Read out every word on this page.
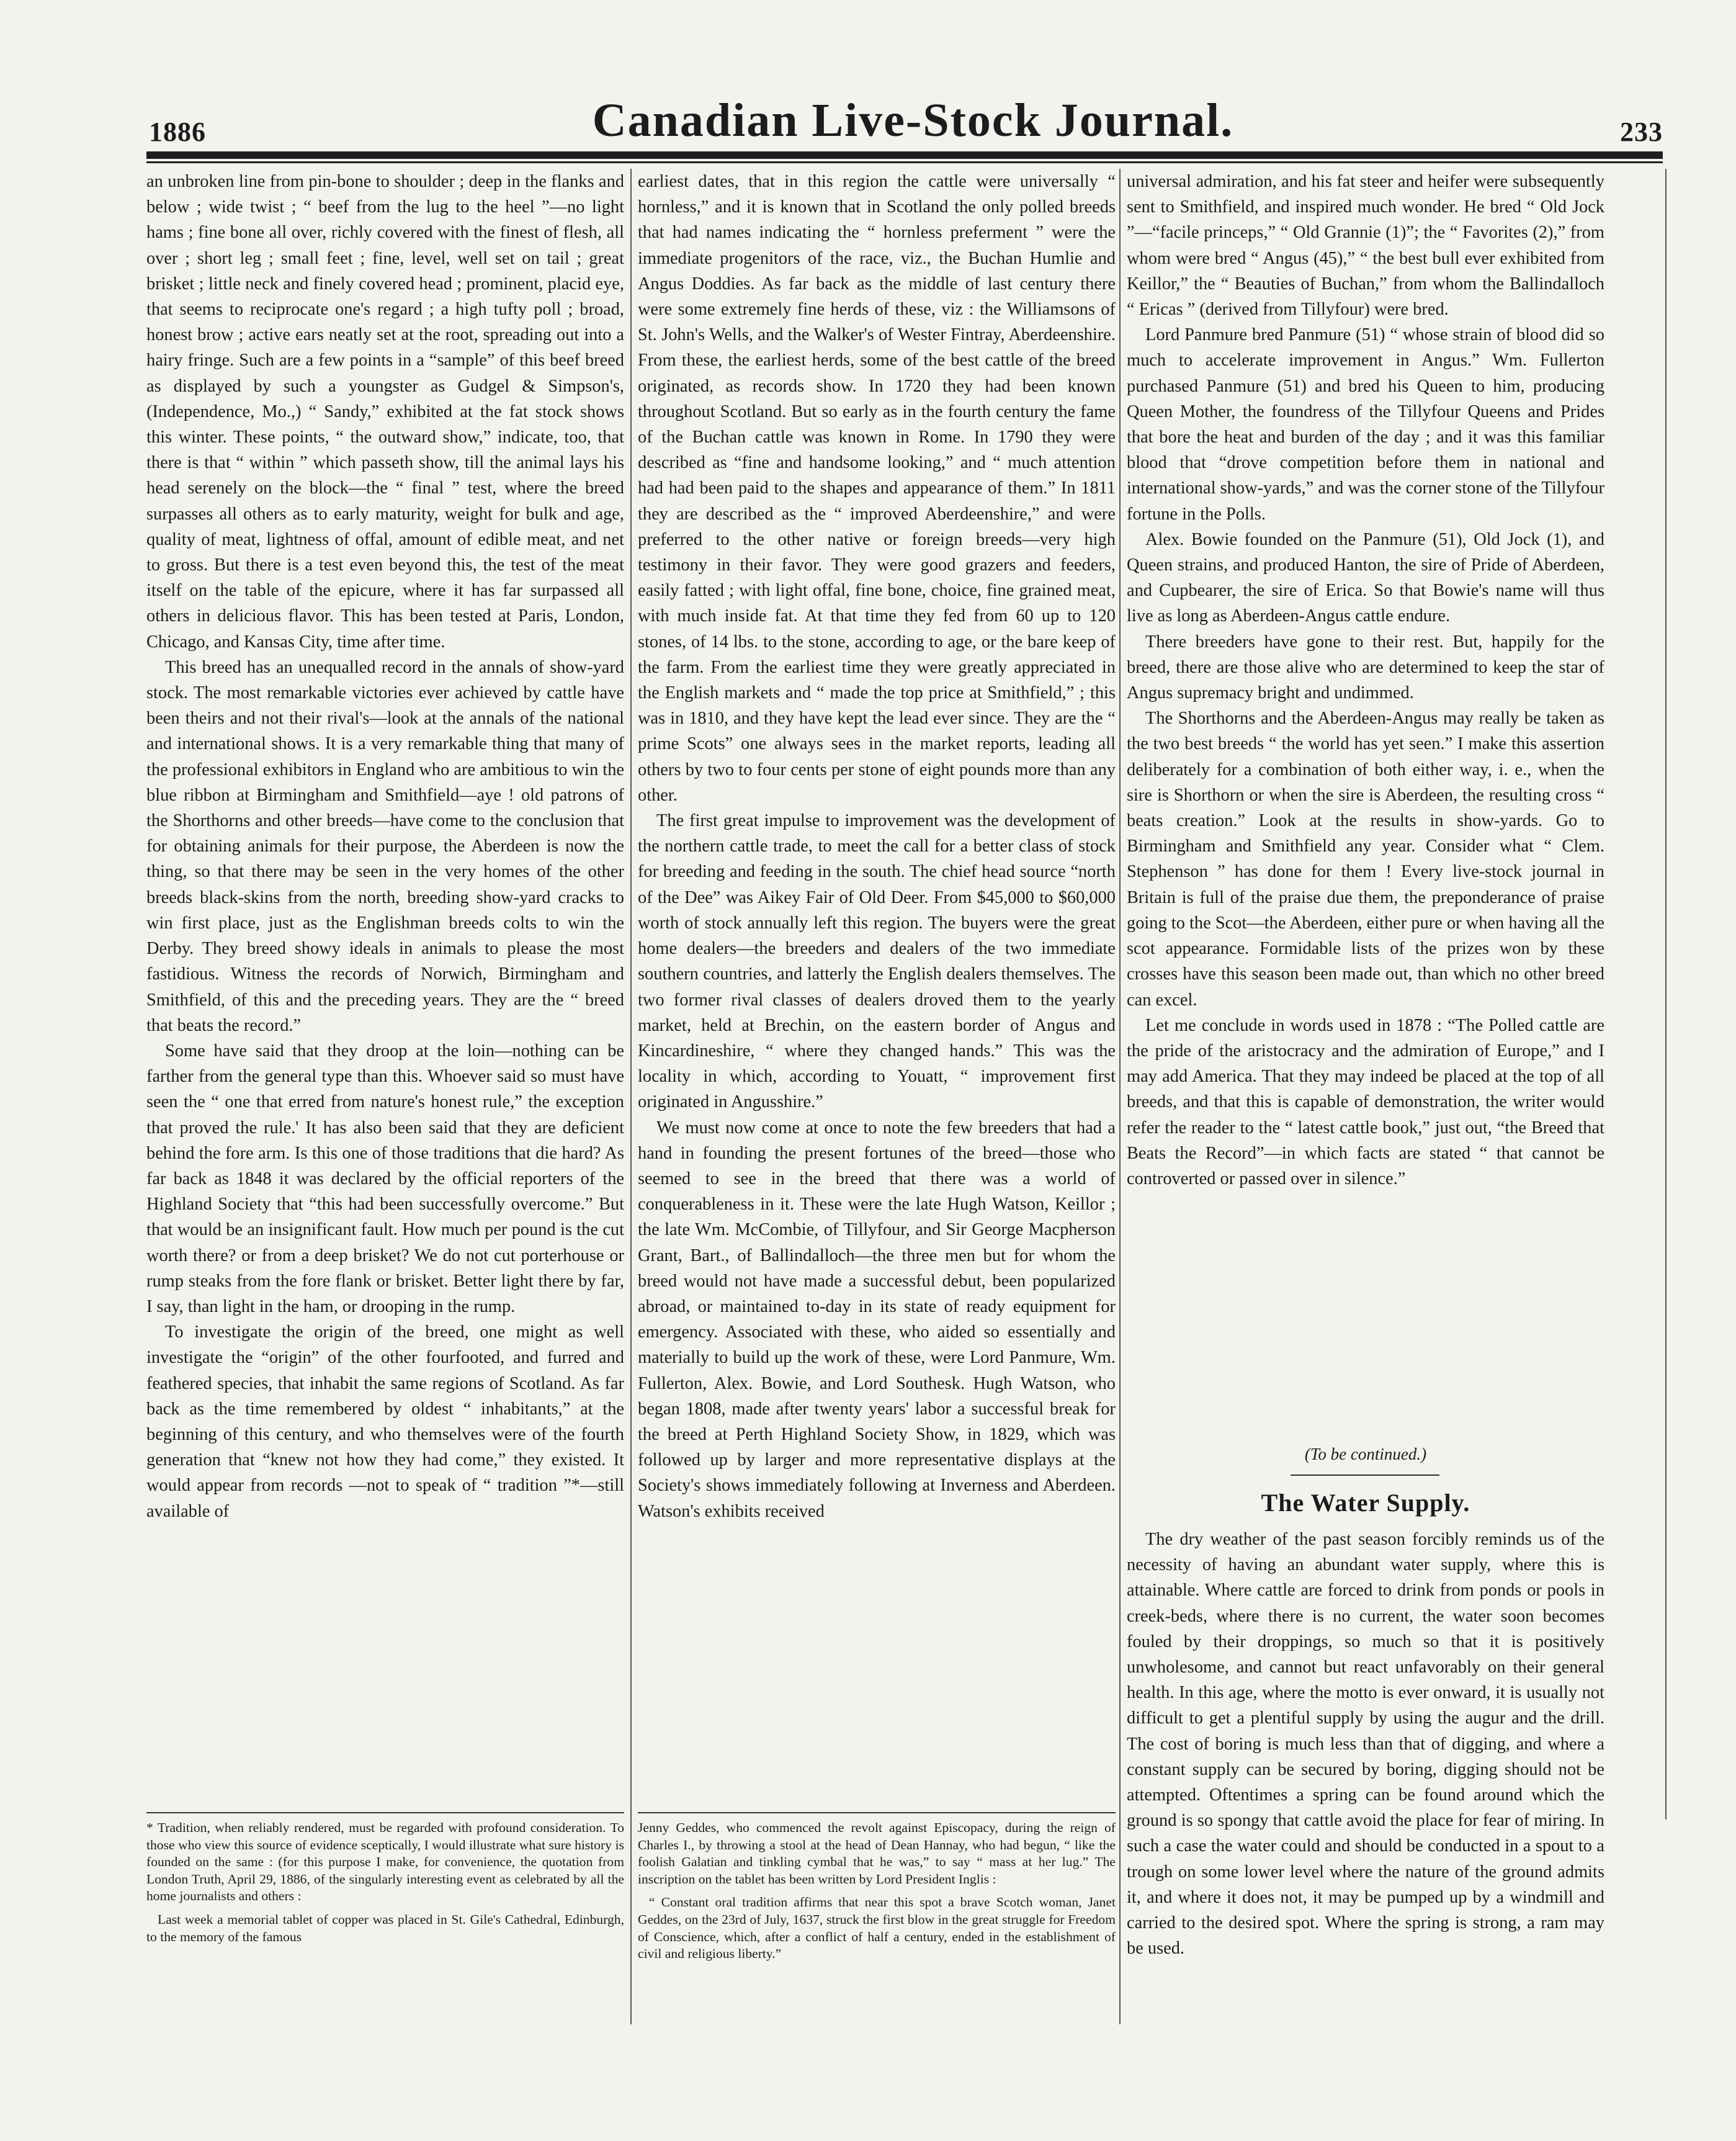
1886	Canadian Live-Stock Journal.	233

an unbroken line from pin-bone to shoulder ; deep in the flanks and below ; wide twist ; “ beef from the lug to the heel ”—no light hams ; fine bone all over, richly covered with the finest of flesh, all over ; short leg ; small feet ; fine, level, well set on tail ; great brisket ; little neck and finely covered head ; prominent, placid eye, that seems to reciprocate one's regard ; a high tufty poll ; broad, honest brow ; active ears neatly set at the root, spreading out into a hairy fringe. Such are a few points in a “sample” of this beef breed as displayed by such a youngster as Gudgel & Simpson's, (Independence, Mo.,) “ Sandy,” exhibited at the fat stock shows this winter. These points, “ the outward show,” indicate, too, that there is that “ within ” which passeth show, till the animal lays his head serenely on the block—the “ final ” test, where the breed surpasses all others as to early maturity, weight for bulk and age, quality of meat, lightness of offal, amount of edible meat, and net to gross. But there is a test even beyond this, the test of the meat itself on the table of the epicure, where it has far surpassed all others in delicious flavor. This has been tested at Paris, London, Chicago, and Kansas City, time after time.

This breed has an unequalled record in the annals of show-yard stock. The most remarkable victories ever achieved by cattle have been theirs and not their rival's—look at the annals of the national and international shows. It is a very remarkable thing that many of the professional exhibitors in England who are ambitious to win the blue ribbon at Birmingham and Smithfield—aye ! old patrons of the Shorthorns and other breeds—have come to the conclusion that for obtaining animals for their purpose, the Aberdeen is now the thing, so that there may be seen in the very homes of the other breeds black-skins from the north, breeding show-yard cracks to win first place, just as the Englishman breeds colts to win the Derby. They breed showy ideals in animals to please the most fastidious. Witness the records of Norwich, Birmingham and Smithfield, of this and the preceding years. They are the “ breed that beats the record.”

Some have said that they droop at the loin—nothing can be farther from the general type than this. Whoever said so must have seen the “ one that erred from nature's honest rule,” the exception that proved the rule.' It has also been said that they are deficient behind the fore arm. Is this one of those traditions that die hard? As far back as 1848 it was declared by the official reporters of the Highland Society that “this had been successfully overcome.” But that would be an insignificant fault. How much per pound is the cut worth there? or from a deep brisket? We do not cut porterhouse or rump steaks from the fore flank or brisket. Better light there by far, I say, than light in the ham, or drooping in the rump.

To investigate the origin of the breed, one might as well investigate the “origin” of the other fourfooted, and furred and feathered species, that inhabit the same regions of Scotland. As far back as the time remembered by oldest “ inhabitants,” at the beginning of this century, and who themselves were of the fourth generation that “knew not how they had come,” they existed. It would appear from records —not to speak of “ tradition ”*—still available of

earliest dates, that in this region the cattle were universally “ hornless,” and it is known that in Scotland the only polled breeds that had names indicating the “ hornless preferment ” were the immediate progenitors of the race, viz., the Buchan Humlie and Angus Doddies. As far back as the middle of last century there were some extremely fine herds of these, viz : the Williamsons of St. John's Wells, and the Walker's of Wester Fintray, Aberdeenshire. From these, the earliest herds, some of the best cattle of the breed originated, as records show. In 1720 they had been known throughout Scotland. But so early as in the fourth century the fame of the Buchan cattle was known in Rome. In 1790 they were described as “fine and handsome looking,” and “ much attention had had been paid to the shapes and appearance of them.” In 1811 they are described as the “ improved Aberdeenshire,” and were preferred to the other native or foreign breeds—very high testimony in their favor. They were good grazers and feeders, easily fatted ; with light offal, fine bone, choice, fine grained meat, with much inside fat. At that time they fed from 60 up to 120 stones, of 14 lbs. to the stone, according to age, or the bare keep of the farm. From the earliest time they were greatly appreciated in the English markets and “ made the top price at Smithfield,” ; this was in 1810, and they have kept the lead ever since. They are the “ prime Scots” one always sees in the market reports, leading all others by two to four cents per stone of eight pounds more than any other.

The first great impulse to improvement was the development of the northern cattle trade, to meet the call for a better class of stock for breeding and feeding in the south. The chief head source “north of the Dee” was Aikey Fair of Old Deer. From $45,000 to $60,000 worth of stock annually left this region. The buyers were the great home dealers—the breeders and dealers of the two immediate southern countries, and latterly the English dealers themselves. The two former rival classes of dealers droved them to the yearly market, held at Brechin, on the eastern border of Angus and Kincardineshire, “ where they changed hands.” This was the locality in which, according to Youatt, “ improvement first originated in Angusshire.”

We must now come at once to note the few breeders that had a hand in founding the present fortunes of the breed—those who seemed to see in the breed that there was a world of conquerableness in it. These were the late Hugh Watson, Keillor ; the late Wm. McCombie, of Tillyfour, and Sir George Macpherson Grant, Bart., of Ballindalloch—the three men but for whom the breed would not have made a successful debut, been popularized abroad, or maintained to-day in its state of ready equipment for emergency. Associated with these, who aided so essentially and materially to build up the work of these, were Lord Panmure, Wm. Fullerton, Alex. Bowie, and Lord Southesk. Hugh Watson, who began 1808, made after twenty years' labor a successful break for the breed at Perth Highland Society Show, in 1829, which was followed up by larger and more representative displays at the Society's shows immediately following at Inverness and Aberdeen. Watson's exhibits received

universal admiration, and his fat steer and heifer were subsequently sent to Smithfield, and inspired much wonder. He bred “ Old Jock ”—“facile princeps,” “ Old Grannie (1)”; the “ Favorites (2),” from whom were bred “ Angus (45),” “ the best bull ever exhibited from Keillor,” the “ Beauties of Buchan,” from whom the Ballindalloch “ Ericas ” (derived from Tillyfour) were bred.

Lord Panmure bred Panmure (51) “ whose strain of blood did so much to accelerate improvement in Angus.” Wm. Fullerton purchased Panmure (51) and bred his Queen to him, producing Queen Mother, the foundress of the Tillyfour Queens and Prides that bore the heat and burden of the day ; and it was this familiar blood that “drove competition before them in national and international show-yards,” and was the corner stone of the Tillyfour fortune in the Polls.

Alex. Bowie founded on the Panmure (51), Old Jock (1), and Queen strains, and produced Hanton, the sire of Pride of Aberdeen, and Cupbearer, the sire of Erica. So that Bowie's name will thus live as long as Aberdeen-Angus cattle endure.

There breeders have gone to their rest. But, happily for the breed, there are those alive who are determined to keep the star of Angus supremacy bright and undimmed.

The Shorthorns and the Aberdeen-Angus may really be taken as the two best breeds “ the world has yet seen.” I make this assertion deliberately for a combination of both either way, i. e., when the sire is Shorthorn or when the sire is Aberdeen, the resulting cross “ beats creation.” Look at the results in show-yards. Go to Birmingham and Smithfield any year. Consider what “ Clem. Stephenson ” has done for them ! Every live-stock journal in Britain is full of the praise due them, the preponderance of praise going to the Scot—the Aberdeen, either pure or when having all the scot appearance. Formidable lists of the prizes won by these crosses have this season been made out, than which no other breed can excel.

Let me conclude in words used in 1878 : “The Polled cattle are the pride of the aristocracy and the admiration of Europe,” and I may add America. That they may indeed be placed at the top of all breeds, and that this is capable of demonstration, the writer would refer the reader to the “ latest cattle book,” just out, “the Breed that Beats the Record”—in which facts are stated “ that cannot be controverted or passed over in silence.”

(To be continued.)
The Water Supply.

The dry weather of the past season forcibly reminds us of the necessity of having an abundant water supply, where this is attainable. Where cattle are forced to drink from ponds or pools in creek-beds, where there is no current, the water soon becomes fouled by their droppings, so much so that it is positively unwholesome, and cannot but react unfavorably on their general health. In this age, where the motto is ever onward, it is usually not difficult to get a plentiful supply by using the augur and the drill. The cost of boring is much less than that of digging, and where a constant supply can be secured by boring, digging should not be attempted. Oftentimes a spring can be found around which the ground is so spongy that cattle avoid the place for fear of miring. In such a case the water could and should be conducted in a spout to a trough on some lower level where the nature of the ground admits it, and where it does not, it may be pumped up by a windmill and carried to the desired spot. Where the spring is strong, a ram may be used.

* Tradition, when reliably rendered, must be regarded with profound consideration. To those who view this source of evidence sceptically, I would illustrate what sure history is founded on the same : (for this purpose I make, for convenience, the quotation from London Truth, April 29, 1886, of the singularly interesting event as celebrated by all the home journalists and others :

Last week a memorial tablet of copper was placed in St. Gile's Cathedral, Edinburgh, to the memory of the famous

Jenny Geddes, who commenced the revolt against Episcopacy, during the reign of Charles I., by throwing a stool at the head of Dean Hannay, who had begun, “ like the foolish Galatian and tinkling cymbal that he was,” to say “ mass at her lug.” The inscription on the tablet has been written by Lord President Inglis :

“ Constant oral tradition affirms that near this spot a brave Scotch woman, Janet Geddes, on the 23rd of July, 1637, struck the first blow in the great struggle for Freedom of Conscience, which, after a conflict of half a century, ended in the establishment of civil and religious liberty.”
